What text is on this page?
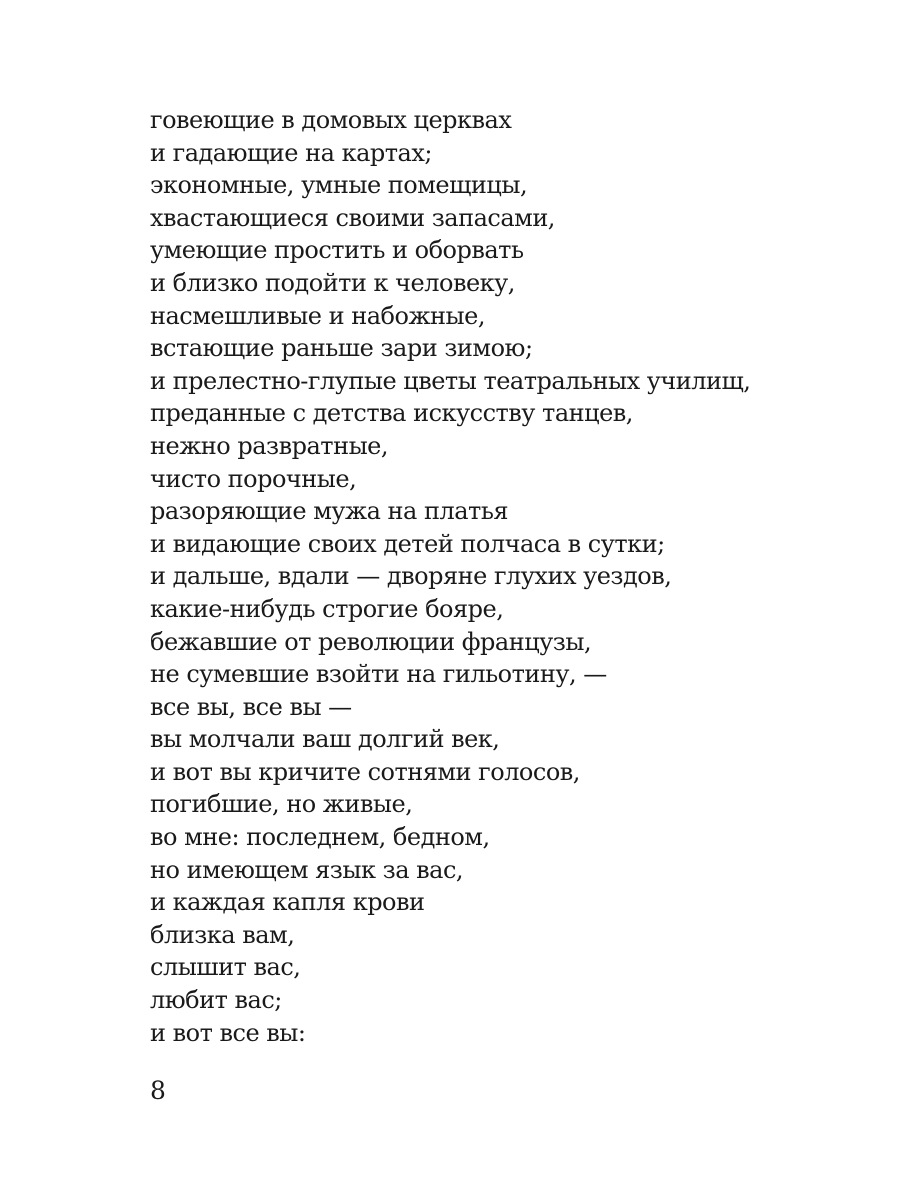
говеющие в домовых церквах
и гадающие на картах;
экономные, умные помещицы,
хвастающиеся своими запасами,
умеющие простить и оборвать
и близко подойти к человеку,
насмешливые и набожные,
встающие раньше зари зимою;
и прелестно-глупые цветы театральных училищ,
преданные с детства искусству танцев,
нежно развратные,
чисто порочные,
разоряющие мужа на платья
и видающие своих детей полчаса в сутки;
и дальше, вдали — дворяне глухих уездов,
какие-нибудь строгие бояре,
бежавшие от революции французы,
не сумевшие взойти на гильотину, —
все вы, все вы —
вы молчали ваш долгий век,
и вот вы кричите сотнями голосов,
погибшие, но живые,
во мне: последнем, бедном,
но имеющем язык за вас,
и каждая капля крови
близка вам,
слышит вас,
любит вас;
и вот все вы:
8
